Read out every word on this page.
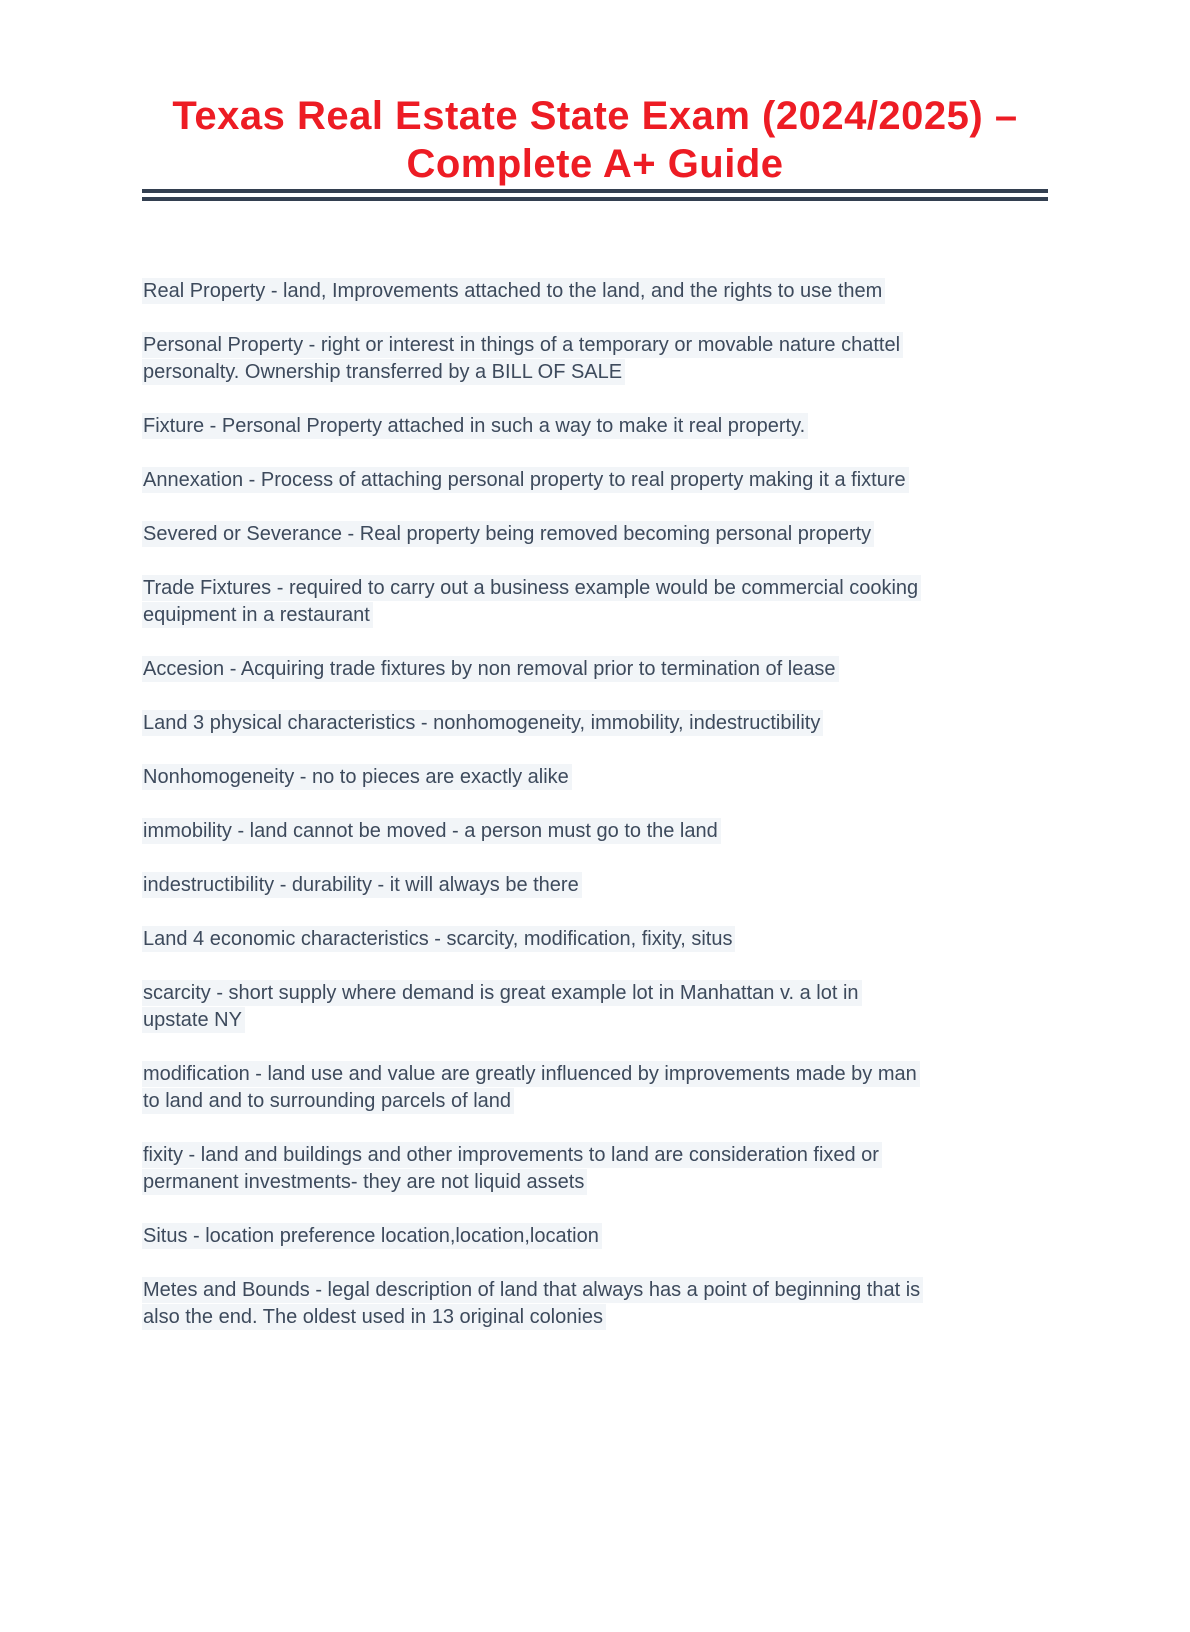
Texas Real Estate State Exam (2024/2025) –
Complete A+ Guide

Real Property - land, Improvements attached to the land, and the rights to use them

Personal Property - right or interest in things of a temporary or movable nature chattel
personalty. Ownership transferred by a BILL OF SALE

Fixture - Personal Property attached in such a way to make it real property.

Annexation - Process of attaching personal property to real property making it a fixture

Severed or Severance - Real property being removed becoming personal property

Trade Fixtures - required to carry out a business example would be commercial cooking
equipment in a restaurant

Accesion - Acquiring trade fixtures by non removal prior to termination of lease

Land 3 physical characteristics - nonhomogeneity, immobility, indestructibility

Nonhomogeneity - no to pieces are exactly alike

immobility - land cannot be moved - a person must go to the land

indestructibility - durability - it will always be there

Land 4 economic characteristics - scarcity, modification, fixity, situs

scarcity - short supply where demand is great example lot in Manhattan v. a lot in
upstate NY

modification - land use and value are greatly influenced by improvements made by man
to land and to surrounding parcels of land

fixity - land and buildings and other improvements to land are consideration fixed or
permanent investments- they are not liquid assets

Situs - location preference location,location,location

Metes and Bounds - legal description of land that always has a point of beginning that is
also the end. The oldest used in 13 original colonies
